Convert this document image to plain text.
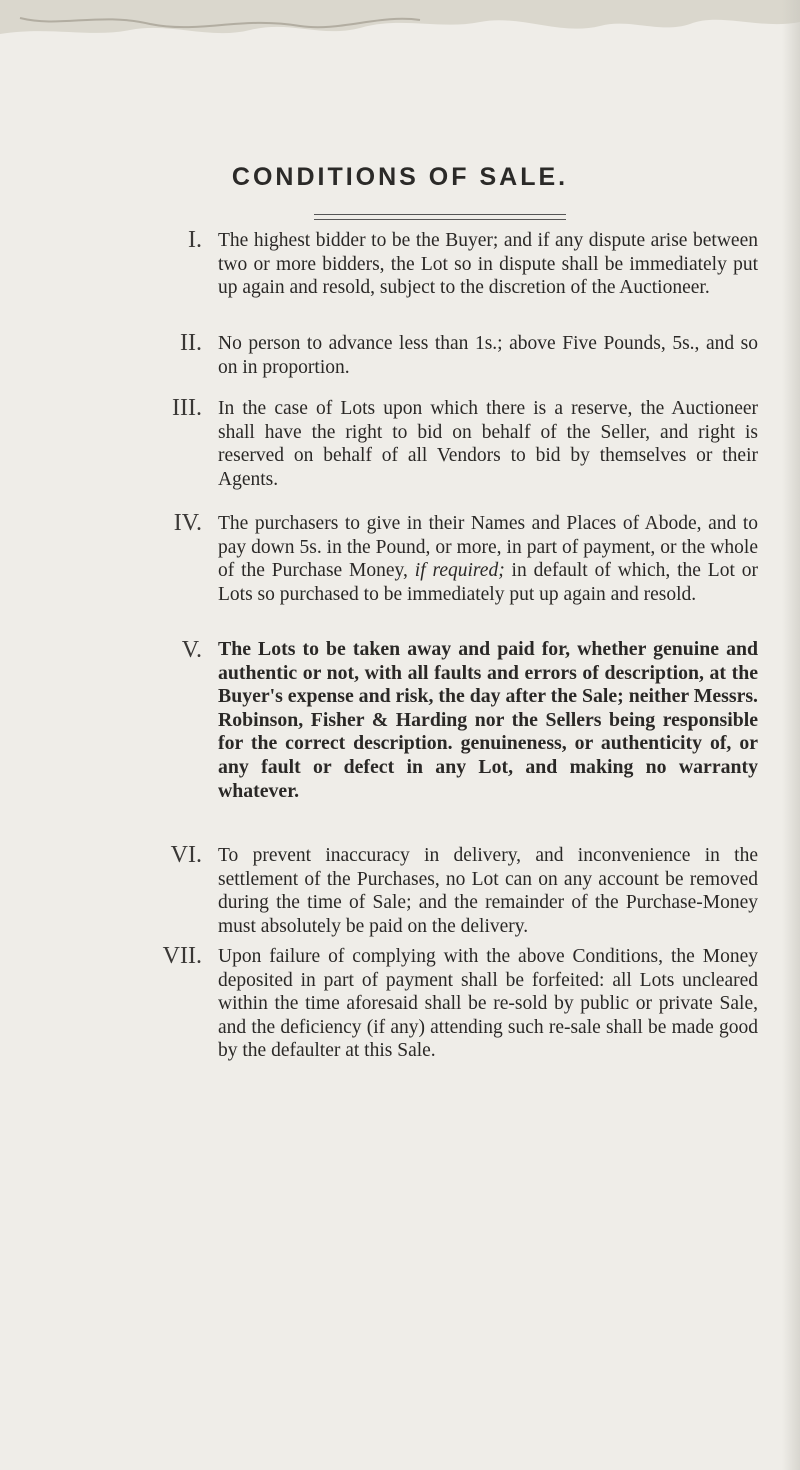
CONDITIONS OF SALE.
I. The highest bidder to be the Buyer; and if any dispute arise between two or more bidders, the Lot so in dispute shall be immediately put up again and resold, subject to the discretion of the Auctioneer.
II. No person to advance less than 1s.; above Five Pounds, 5s., and so on in proportion.
III. In the case of Lots upon which there is a reserve, the Auctioneer shall have the right to bid on behalf of the Seller, and right is reserved on behalf of all Vendors to bid by themselves or their Agents.
IV. The purchasers to give in their Names and Places of Abode, and to pay down 5s. in the Pound, or more, in part of payment, or the whole of the Purchase Money, if required; in default of which, the Lot or Lots so purchased to be immediately put up again and resold.
V. The Lots to be taken away and paid for, whether genuine and authentic or not, with all faults and errors of description, at the Buyer's expense and risk, the day after the Sale; neither Messrs. Robinson, Fisher & Harding nor the Sellers being responsible for the correct description. genuineness, or authenticity of, or any fault or defect in any Lot, and making no warranty whatever.
VI. To prevent inaccuracy in delivery, and inconvenience in the settlement of the Purchases, no Lot can on any account be removed during the time of Sale; and the remainder of the Purchase-Money must absolutely be paid on the delivery.
VII. Upon failure of complying with the above Conditions, the Money deposited in part of payment shall be forfeited: all Lots uncleared within the time aforesaid shall be re-sold by public or private Sale, and the deficiency (if any) attending such re-sale shall be made good by the defaulter at this Sale.
